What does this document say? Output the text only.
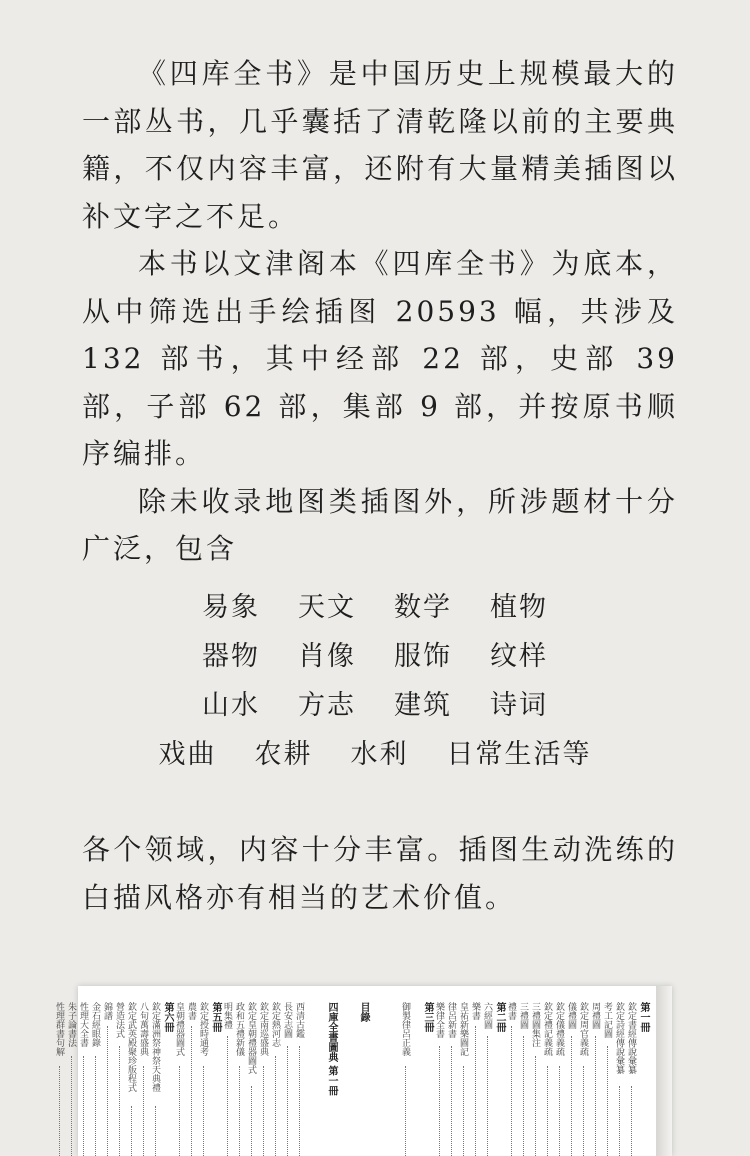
《四库全书》是中国历史上规模最大的一部丛书，几乎囊括了清乾隆以前的主要典籍，不仅内容丰富，还附有大量精美插图以补文字之不足。

本书以文津阁本《四库全书》为底本，从中筛选出手绘插图 20593 幅，共涉及 132 部书，其中经部 22 部，史部 39 部，子部 62 部，集部 9 部，并按原书顺序编排。

除未收录地图类插图外，所涉题材十分广泛，包含

易象 天文 数学 植物
器物 肖像 服饰 纹样
山水 方志 建筑 诗词
戏曲 农耕 水利 日常生活等

各个领域，内容十分丰富。插图生动洗练的白描风格亦有相当的艺术价值。

第一冊
欽定書經傳說彙纂
欽定詩經傳說彙纂
考工記圖
周禮圖
欽定周官義疏
儀禮圖
欽定儀禮義疏
欽定禮記義疏
三禮圖集注
三禮圖
禮書
第二冊
六經圖
樂書
皇祐新樂圖記
律呂新書
樂律全書
第三冊
御製律呂正義
目錄
四庫全書圖典 第一冊
西清古鑑
長安志圖
欽定熱河志
欽定南巡盛典
欽定皇朝禮器圖式
政和五禮新儀
明集禮
第五冊
欽定授時通考
農書
皇朝禮器圖式
第六冊
欽定滿洲祭神祭天典禮
八旬萬壽盛典
欽定武英殿聚珍版程式
營造法式
錦譜
金石經眼錄
性理大全書
朱子論書法
性理群書句解
